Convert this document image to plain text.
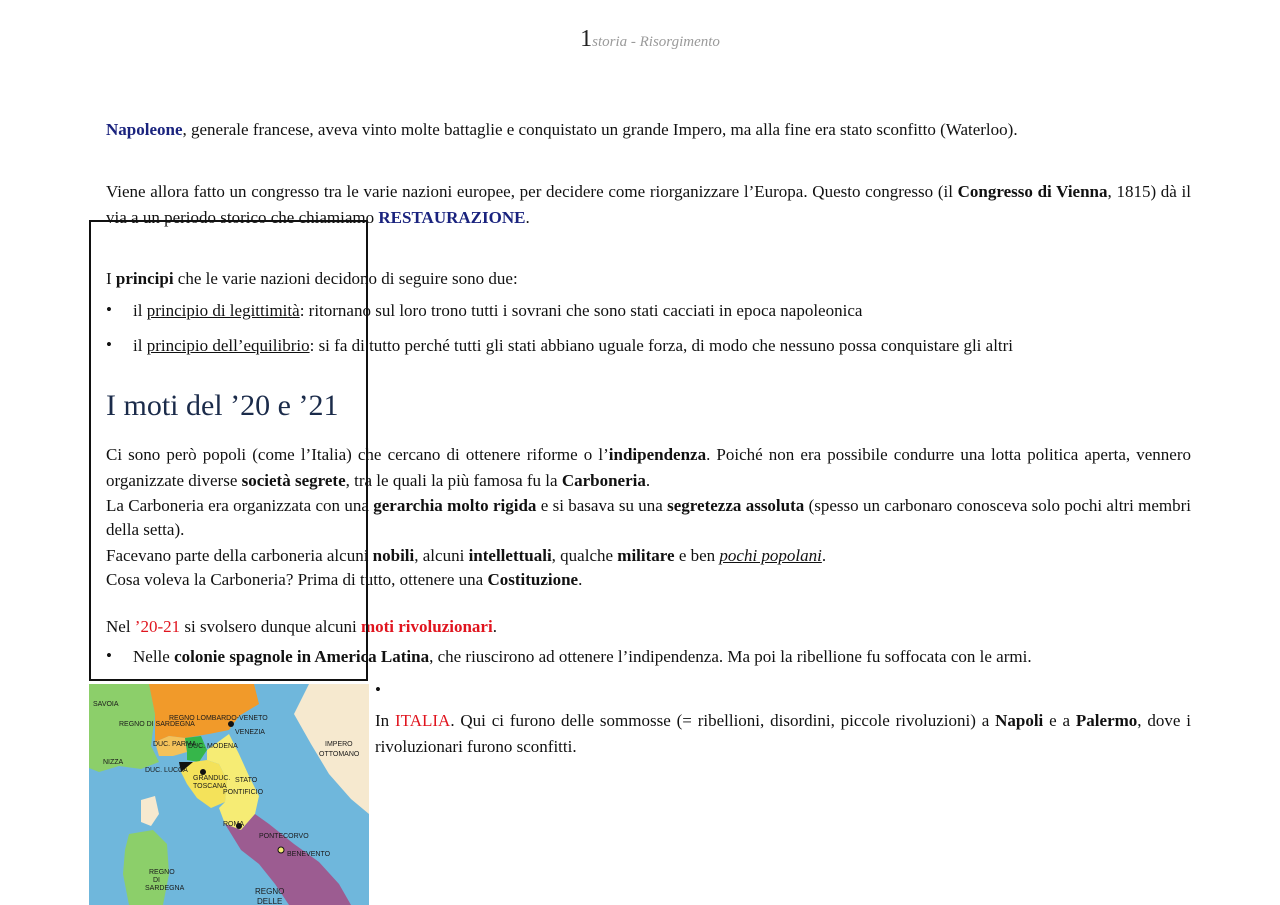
1storia - Risorgimento
Napoleone, generale francese, aveva vinto molte battaglie e conquistato un grande Impero, ma alla fine era stato sconfitto (Waterloo).
Viene allora fatto un congresso tra le varie nazioni europee, per decidere come riorganizzare l’Europa. Questo congresso (il Congresso di Vienna, 1815) dà il via a un periodo storico che chiamiamo RESTAURAZIONE.
I principi che le varie nazioni decidono di seguire sono due:
• il principio di legittimità: ritornano sul loro trono tutti i sovrani che sono stati cacciati in epoca napoleonica
• il principio dell’equilibrio: si fa di tutto perché tutti gli stati abbiano uguale forza, di modo che nessuno possa conquistare gli altri
I moti del ’20 e ’21
Ci sono però popoli (come l’Italia) che cercano di ottenere riforme o l’indipendenza. Poiché non era possibile condurre una lotta politica aperta, vennero organizzate diverse società segrete, tra le quali la più famosa fu la Carboneria.
La Carboneria era organizzata con una gerarchia molto rigida e si basava su una segretezza assoluta (spesso un carbonaro conosceva solo pochi altri membri della setta).
Facevano parte della carboneria alcuni nobili, alcuni intellettuali, qualche militare e ben pochi popolani.
Cosa voleva la Carboneria? Prima di tutto, ottenere una Costituzione.
Nel ’20-21 si svolsero dunque alcuni moti rivoluzionari.
• Nelle colonie spagnole in America Latina, che riuscirono ad ottenere l’indipendenza. Ma poi la ribellione fu soffocata con le armi.
•
In ITALIA. Qui ci furono delle sommosse (= ribellioni, disordini, piccole rivoluzioni) a Napoli e a Palermo, dove i rivoluzionari furono sconfitti.
SAVOIA
REGNO DI SARDEGNA
REGNO LOMBARDO-VENETO
VENEZIA
IMPERO
OTTOMANO
DUC. PARMA
DUC. MODENA
NIZZA
DUC. LUCCA
GRANDUC.
TOSCANA
STATO
PONTIFICIO
ROMA
PONTECORVO
BENEVENTO
REGNO
DI
SARDEGNA	REGNO
DELLE
